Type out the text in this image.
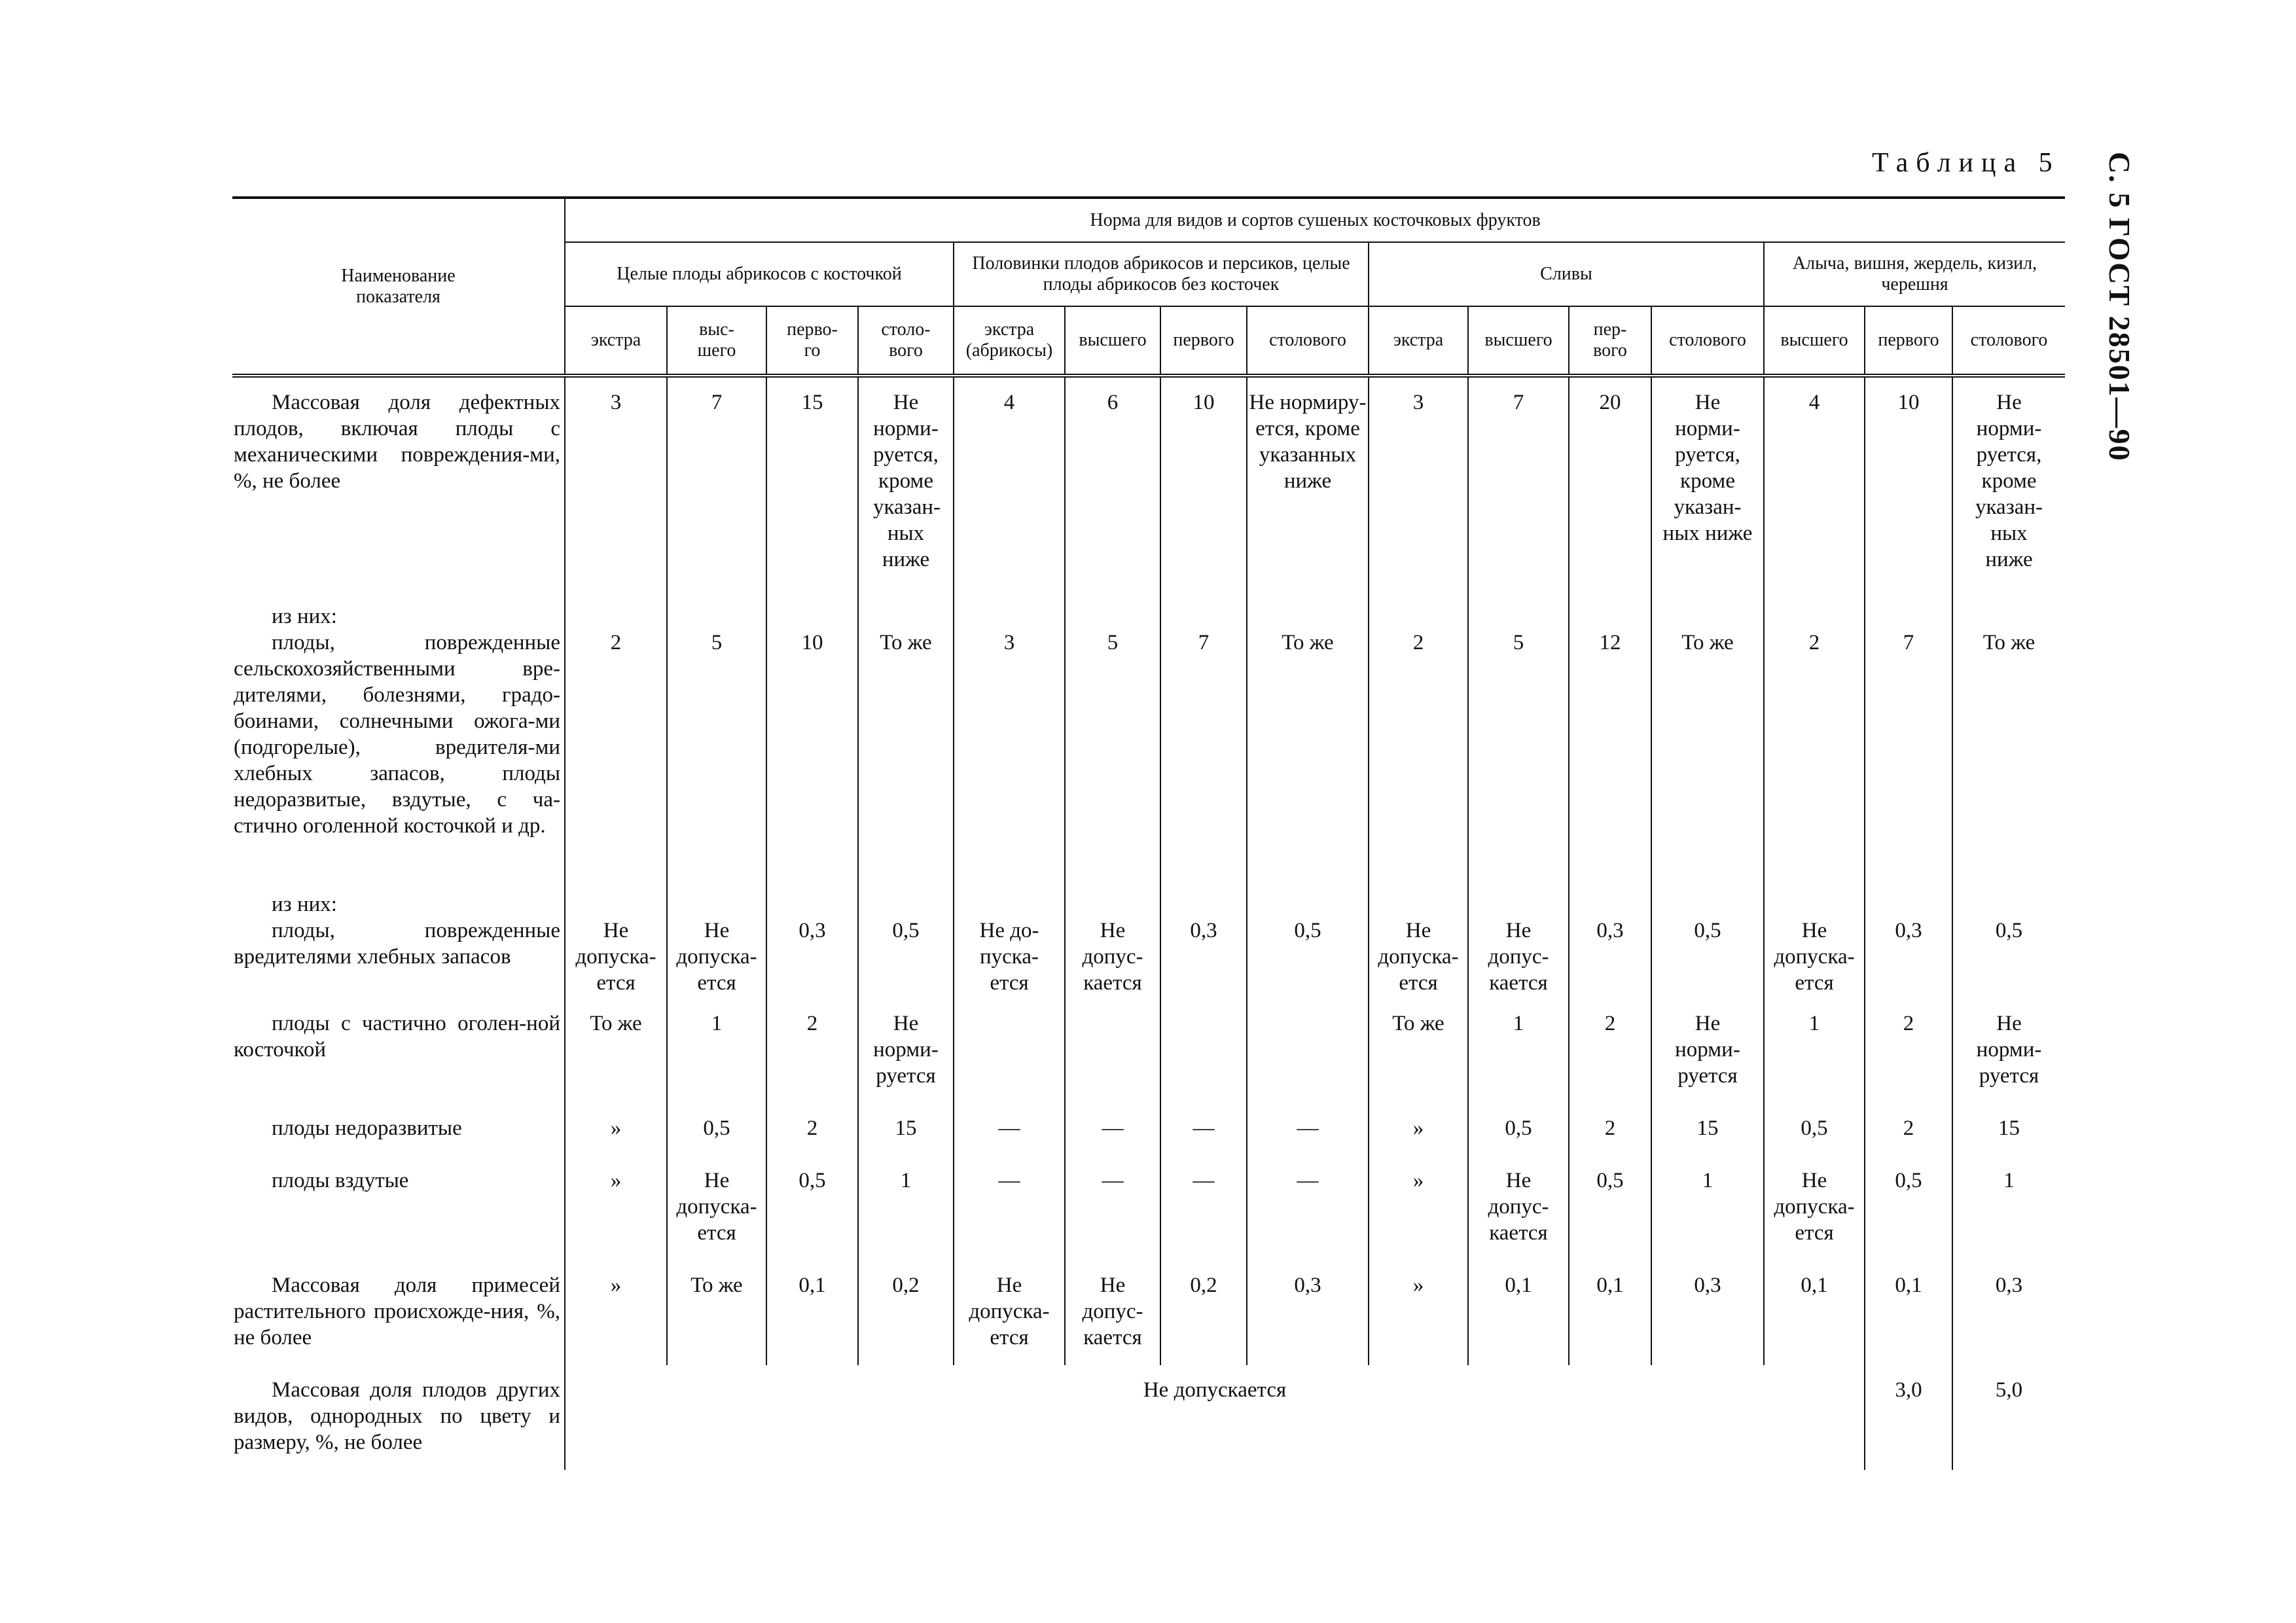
Таблица 5 С. 5 ГОСТ 28501—90
Наименование показателя	Норма для видов и сортов сушеных косточковых фруктов														
	Целые плоды абрикосов с косточкой				Половинки плодов абрикосов и персиков, целые плоды абрикосов без косточек				Сливы				Алыча, вишня, жердель, кизил, черешня		
	экстра	выс-шего	перво-го	столо-вого	экстра (абрикосы)	высшего	первого	столового	экстра	высшего	пер-вого	столового	высшего	первого	столового

Массовая доля дефектных плодов, включая плоды с механическими повреждения-ми, %, не более	3	7	15	Не норми-руется, кроме указан-ных ниже	4	6	10	Не нормиру-ется, кроме указанных ниже	3	7	20	Не норми-руется, кроме указан-ных ниже	4	10	Не норми-руется, кроме указан-ных ниже

из них:
плоды, поврежденные сельскохозяйственными вре-дителями, болезнями, градо-боинами, солнечными ожога-ми (подгорелые), вредителя-ми хлебных запасов, плоды недоразвитые, вздутые, с ча-стично оголенной косточкой и др.	2	5	10	То же	3	5	7	То же	2	5	12	То же	2	7	То же

из них:
плоды, поврежденные вредителями хлебных запасов	Не допуска-ется	Не допуска-ется	0,3	0,5	Не до-пуска-ется	Не допус-кается	0,3	0,5	Не допуска-ется	Не допус-кается	0,3	0,5	Не допуска-ется	0,3	0,5

плоды с частично оголен-ной косточкой	То же	1	2	Не норми-руется					То же	1	2	Не норми-руется	1	2	Не норми-руется

плоды недоразвитые	»	0,5	2	15	—	—	—	—	»	0,5	2	15	0,5	2	15

плоды вздутые	»	Не допуска-ется	0,5	1	—	—	—	—	»	Не допус-кается	0,5	1	Не допуска-ется	0,5	1

Массовая доля примесей растительного происхожде-ния, %, не более	»	То же	0,1	0,2	Не допуска-ется	Не допус-кается	0,2	0,3	»	0,1	0,1	0,3	0,1	0,1	0,3

Массовая доля плодов других видов, однородных по цвету и размеру, %, не более	Не допускается													3,0	5,0
